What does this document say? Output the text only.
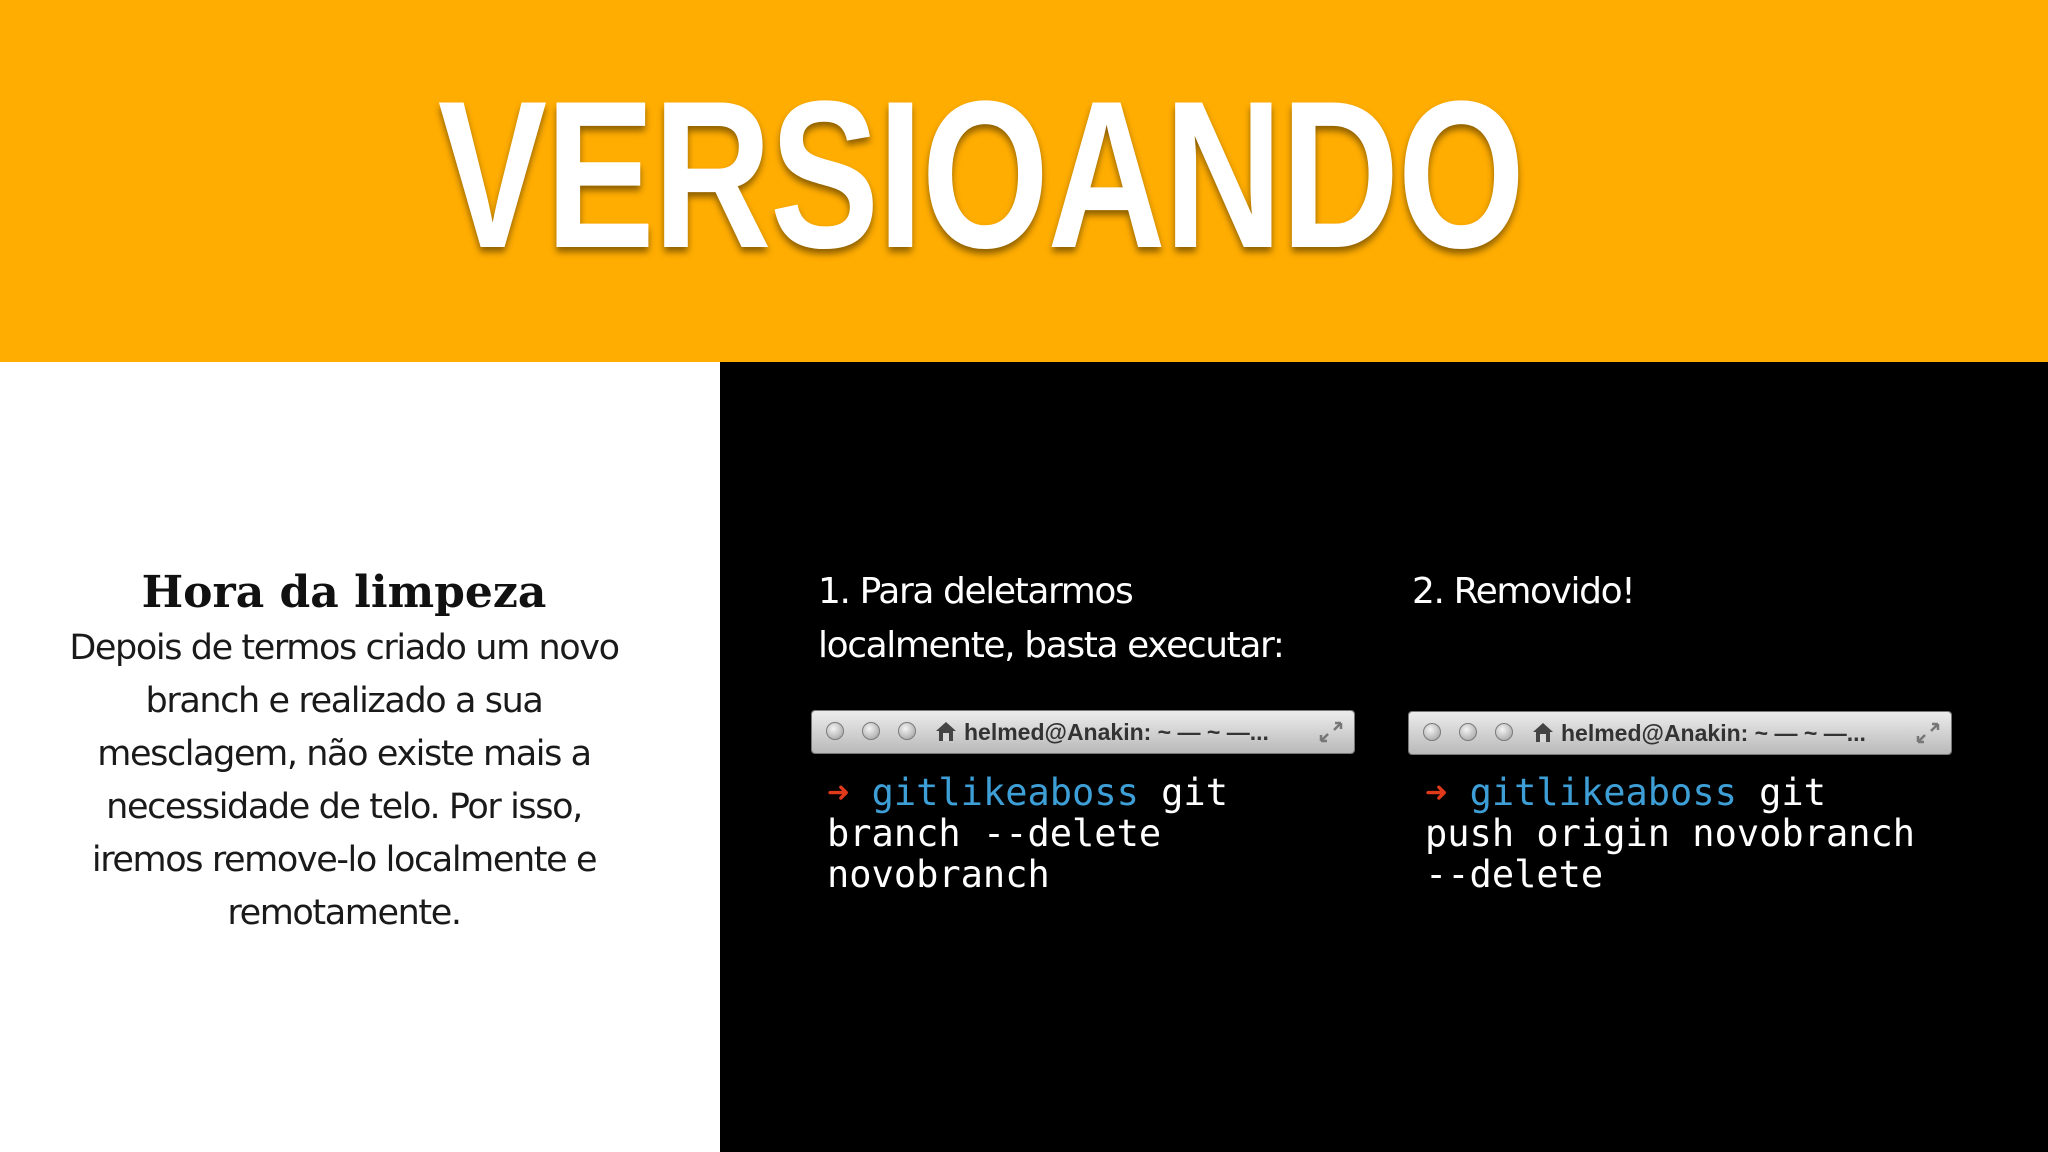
VERSIOANDO
Hora da limpeza
Depois de termos criado um novo branch e realizado a sua mesclagem, não existe mais a necessidade de telo. Por isso, iremos remove-lo localmente e remotamente.
1. Para deletarmos localmente, basta executar:
2. Removido!
helmed@Anakin: ~ — ~ —...	helmed@Anakin: ~ — ~ —...
➜ gitlikeaboss git branch --delete novobranch
➜ gitlikeaboss git push origin novobranch --delete
